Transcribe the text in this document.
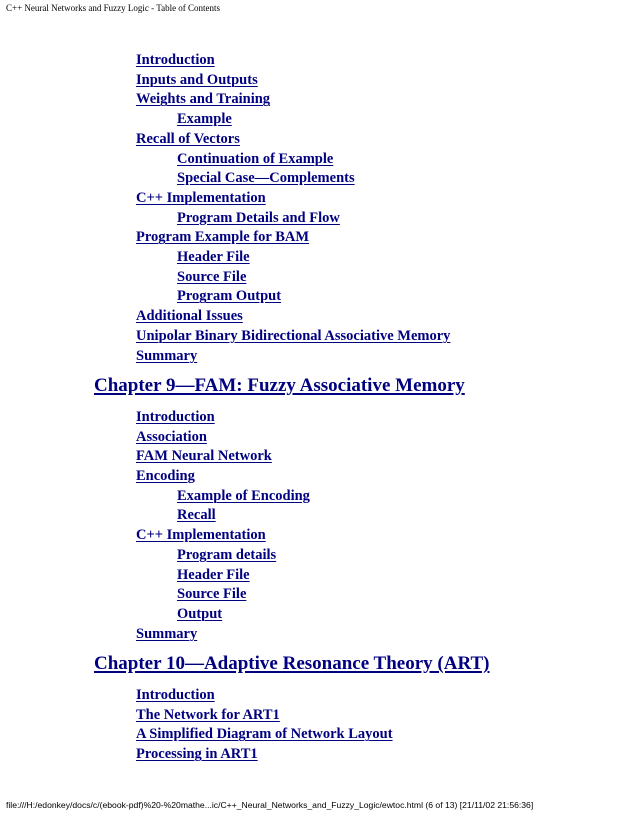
C++ Neural Networks and Fuzzy Logic - Table of Contents
Introduction
Inputs and Outputs
Weights and Training
Example
Recall of Vectors
Continuation of Example
Special Case—Complements
C++ Implementation
Program Details and Flow
Program Example for BAM
Header File
Source File
Program Output
Additional Issues
Unipolar Binary Bidirectional Associative Memory
Summary
Chapter 9—FAM: Fuzzy Associative Memory
Introduction
Association
FAM Neural Network
Encoding
Example of Encoding
Recall
C++ Implementation
Program details
Header File
Source File
Output
Summary
Chapter 10—Adaptive Resonance Theory (ART)
Introduction
The Network for ART1
A Simplified Diagram of Network Layout
Processing in ART1
file:///H:/edonkey/docs/c/(ebook-pdf)%20-%20mathe...ic/C++_Neural_Networks_and_Fuzzy_Logic/ewtoc.html (6 of 13) [21/11/02 21:56:36]
